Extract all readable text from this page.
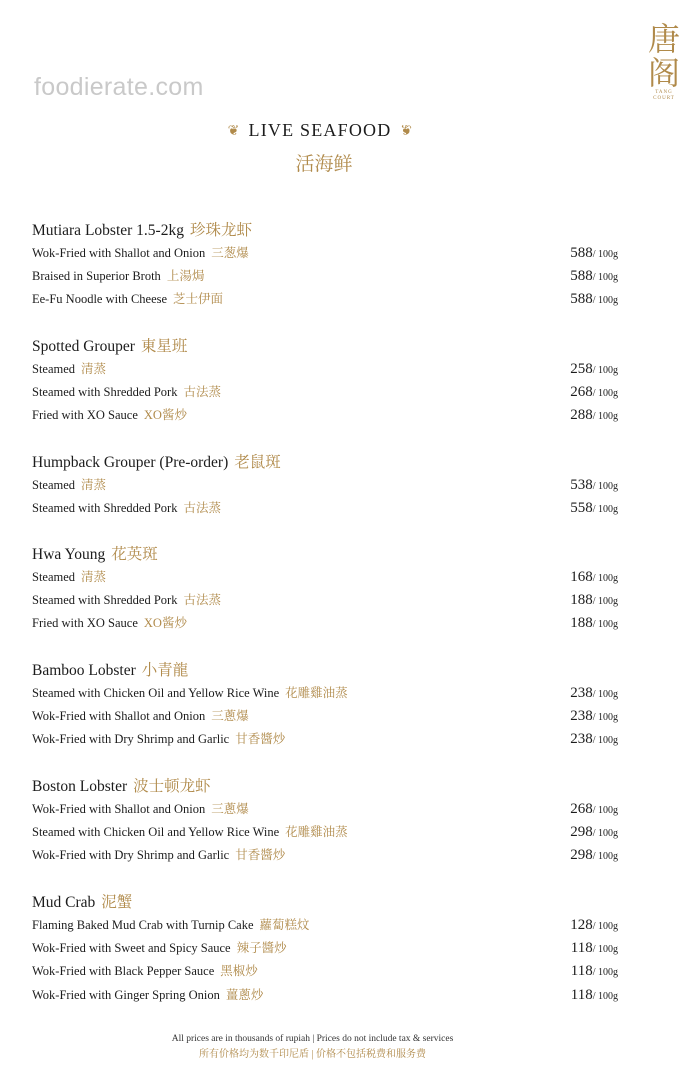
foodierate.com
唐阁
TANG COURT
❦ LIVE SEAFOOD ❦
活海鲜
Mutiara Lobster 1.5-2kg 珍珠龙虾
Wok-Fried with Shallot and Onion 三葱爆	588/ 100g
Braised in Superior Broth 上湯焗	588/ 100g
Ee-Fu Noodle with Cheese 芝士伊面	588/ 100g
Spotted Grouper 東星班
Steamed 清蒸	258/ 100g
Steamed with Shredded Pork 古法蒸	268/ 100g
Fried with XO Sauce XO酱炒	288/ 100g
Humpback Grouper (Pre-order) 老鼠斑
Steamed 清蒸	538/ 100g
Steamed with Shredded Pork 古法蒸	558/ 100g
Hwa Young 花英斑
Steamed 清蒸	168/ 100g
Steamed with Shredded Pork 古法蒸	188/ 100g
Fried with XO Sauce XO酱炒	188/ 100g
Bamboo Lobster 小青龍
Steamed with Chicken Oil and Yellow Rice Wine 花雕雞油蒸	238/ 100g
Wok-Fried with Shallot and Onion 三蔥爆	238/ 100g
Wok-Fried with Dry Shrimp and Garlic 甘香醬炒	238/ 100g
Boston Lobster 波士顿龙虾
Wok-Fried with Shallot and Onion 三蔥爆	268/ 100g
Steamed with Chicken Oil and Yellow Rice Wine 花雕雞油蒸	298/ 100g
Wok-Fried with Dry Shrimp and Garlic 甘香醬炒	298/ 100g
Mud Crab 泥蟹
Flaming Baked Mud Crab with Turnip Cake 蘿蔔糕炆	128/ 100g
Wok-Fried with Sweet and Spicy Sauce 辣子醬炒	118/ 100g
Wok-Fried with Black Pepper Sauce 黑椒炒	118/ 100g
Wok-Fried with Ginger Spring Onion 薑蔥炒	118/ 100g
All prices are in thousands of rupiah | Prices do not include tax & services
所有价格均为数千印尼盾 | 价格不包括税费和服务费
